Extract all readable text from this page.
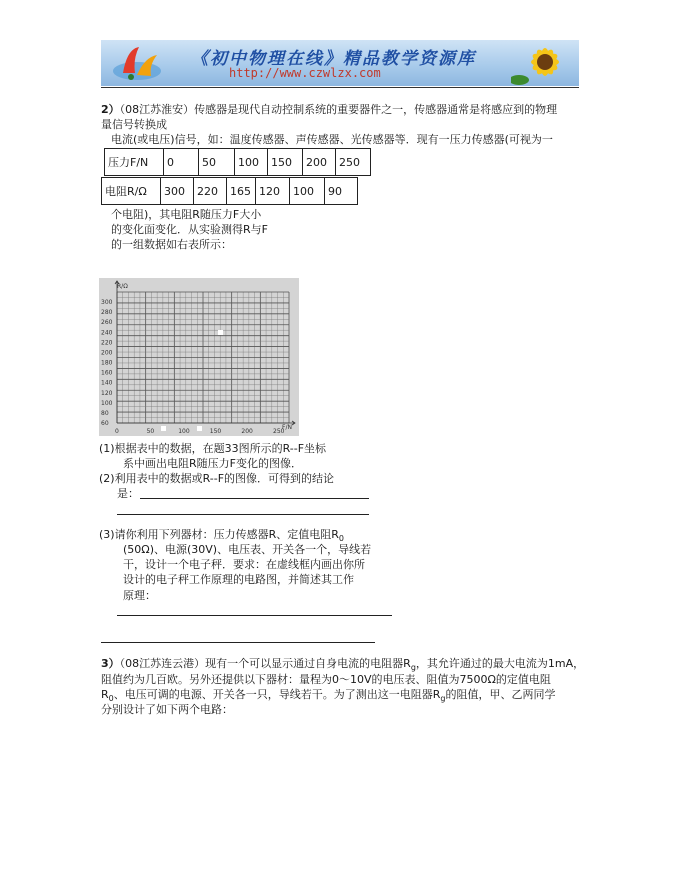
《初中物理在线》精品教学资源库
http://www.czwlzx.com
2）（08江苏淮安）传感器是现代自动控制系统的重要器件之一，传感器通常是将感应到的物理
量信号转换成
电流(或电压)信号，如：温度传感器、声传感器、光传感器等．现有一压力传感器(可视为一
压力F/N	0	50	100	150	200	250
电阻R/Ω	300	220	165	120	100	90
个电阻)，其电阻R随压力F大小
的变化面变化．从实验测得R与F
的一组数据如右表所示：
R/Ω
F/N
300
280
260
240
220
200
180
160
140
120
100
80
60
0	50	100	150	200	250
(1)根据表中的数据，在题33图所示的R--F坐标
系中画出电阻R随压力F变化的图像．
(2)利用表中的数据或R--F的图像．可得到的结论
是：
(3)请你利用下列器材：压力传感器R、定值电阻$R_0$
(50Ω)、电源(30V)、电压表、开关各一个，导线若
干，设计一个电子秤．要求：在虚线框内画出你所
设计的电子秤工作原理的电路图，并简述其工作
原理：
3）（08江苏连云港）现有一个可以显示通过自身电流的电阻器$R_g$，其允许通过的最大电流为1mA，
阻值约为几百欧。另外还提供以下器材：量程为0～10V的电压表、阻值为7500Ω的定值电阻
$R_0$、电压可调的电源、开关各一只，导线若干。为了测出这一电阻器$R_g$的阻值，甲、乙两同学
分别设计了如下两个电路：
